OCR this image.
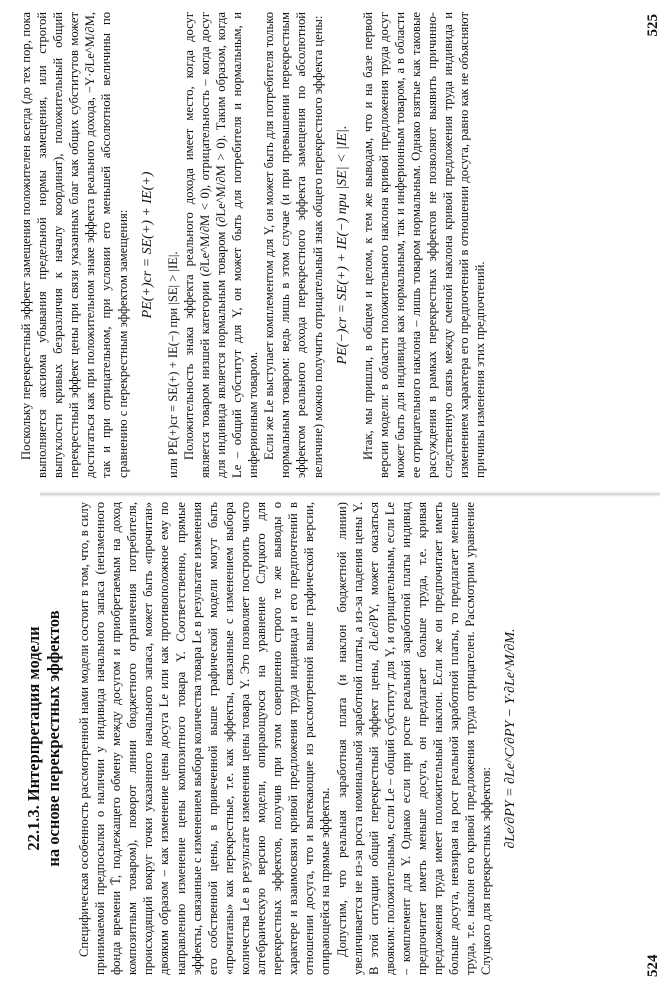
22.1.3. Интерпретация модели на основе перекрестных эффектов Специфическая особенность рассмотренной нами модели состоит в том, что, в силу принимаемой предпосылки о наличии у индивида начального запаса (неизменного фонда времени T̄, подлежащего обмену между досугом и приобретаемым на доход композитным товаром), поворот линии бюджетного ограничения потребителя, происходящий вокруг точки указанного начального запаса, может быть «прочитан» двояким образом – как изменение цены досуга Le или как противоположное ему по направлению изменение цены композитного товара Y. Соответственно, прямые эффекты, связанные с изменением выбора количества товара Le в результате изменения его собственной цены, в привеченной выше графической модели могут быть «прочитаны» как перекрестные, т.е. как эффекты, связанные с изменением выбора количества Le в результате изменения цены товара Y. Это позволяет построить чисто алгебраическую версию модели, опирающуюся на уравнение Слуцкого для перекрестных эффектов, получив при этом совершенно строго те же выводы о характере и взаимосвязи кривой предложения труда индивида и его предпочтений в отношении досуга, что и вытекающие из рассмотренной выше графической версии, опирающейся на прямые эффекты. Допустим, что реальная заработная плата (и наклон бюджетной линии) увеличивается не из-за роста номинальной заработной платы, а из-за падения цены Y. В этой ситуации общий перекрестный эффект цены, ∂Le/∂PY, может оказаться двояким: положительным, если Le – общий субститут для Y, и отрицательным, если Le – комплемент для Y. Однако если при росте реальной заработной платы индивид предпочитает иметь меньше досуга, он предлагает больше труда, т.е. кривая предложения труда имеет положительный наклон. Если же он предпочитает иметь больше досуга, невзирая на рост реальной заработной платы, то предлагает меньше труда, т.е. наклон его кривой предложения труда отрицателен. Рассмотрим уравнение Слуцкого для перекрестных эффектов:

∂Le/∂PY = ∂Le^C/∂PY − Y·∂Le^M/∂M.
524

Поскольку перекрестный эффект замещения положителен всегда (до тех пор, пока выполняется аксиома убывания предельной нормы замещения, или строгой выпуклости кривых безразличия к началу координат), положительный общий перекрестный эффект цены при связи указанных благ как общих субститутов может достигаться как при положительном знаке эффекта реального дохода, −Y·∂Le^M/∂M, так и при отрицательном, при условии его меньшей абсолютной величины по сравнению с перекрестным эффектом замещения: PE(+)cr = SE(+) + IE(+)

или PE(+)cr = SE(+) + IE(−) при |SE| > |IE|. Положительность знака эффекта реального дохода имеет место, когда досуг является товаром низшей категории (∂Le^M/∂M < 0), отрицательность – когда досуг для индивида является нормальным товаром (∂Le^M/∂M > 0). Таким образом, когда Le – общий субститут для Y, он может быть для потребителя и нормальным, и инферионным товаром. Если же Le выступает комплементом для Y, он может быть для потребителя только нормальным товаром: ведь лишь в этом случае (и при превышении перекрестным эффектом реального дохода перекрестного эффекта замещения по абсолютной величине) можно получить отрицательный знак общего перекрестного эффекта цены: PE(−)cr = SE(+) + IE(−) при |SE| < |IE|. Итак, мы пришли, в общем и целом, к тем же выводам, что и на базе первой версии модели: в области положительного наклона кривой предложения труда досуг может быть для индивида как нормальным, так и инферионным товаром, а в области ее отрицательного наклона – лишь товаром нормальным. Однако взятые как таковые рассуждения в рамках перекрестных эффектов не позволяют выявить причинно-следственную связь между сменой наклона кривой предложения труда индивида и изменением характера его предпочтений в отношении досуга, равно как не объясняют причины изменения этих предпочтений.

525
